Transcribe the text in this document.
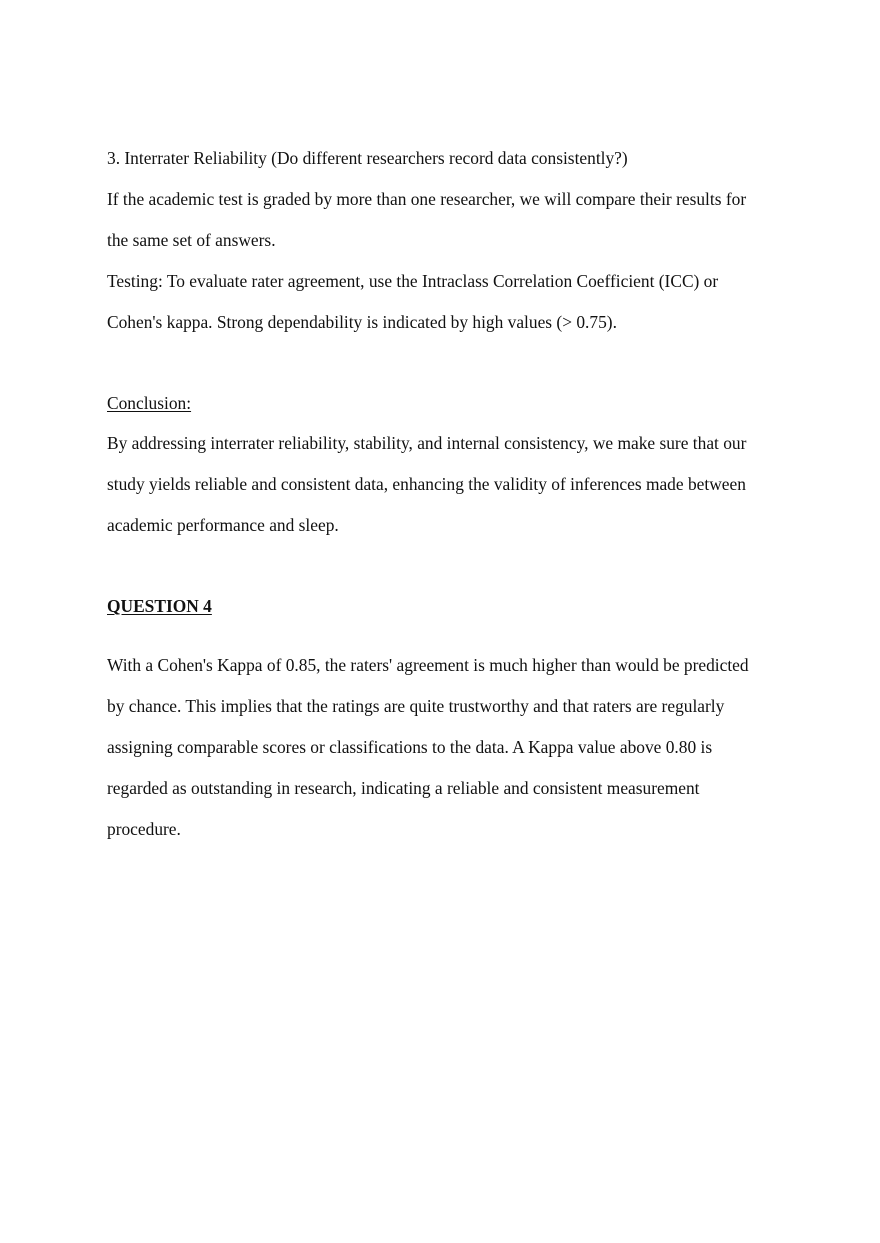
3. Interrater Reliability (Do different researchers record data consistently?)
If the academic test is graded by more than one researcher, we will compare their results for
the same set of answers.
Testing: To evaluate rater agreement, use the Intraclass Correlation Coefficient (ICC) or
Cohen's kappa. Strong dependability is indicated by high values (> 0.75).
Conclusion:
By addressing interrater reliability, stability, and internal consistency, we make sure that our
study yields reliable and consistent data, enhancing the validity of inferences made between
academic performance and sleep.
QUESTION 4
With a Cohen's Kappa of 0.85, the raters' agreement is much higher than would be predicted
by chance. This implies that the ratings are quite trustworthy and that raters are regularly
assigning comparable scores or classifications to the data. A Kappa value above 0.80 is
regarded as outstanding in research, indicating a reliable and consistent measurement
procedure.
